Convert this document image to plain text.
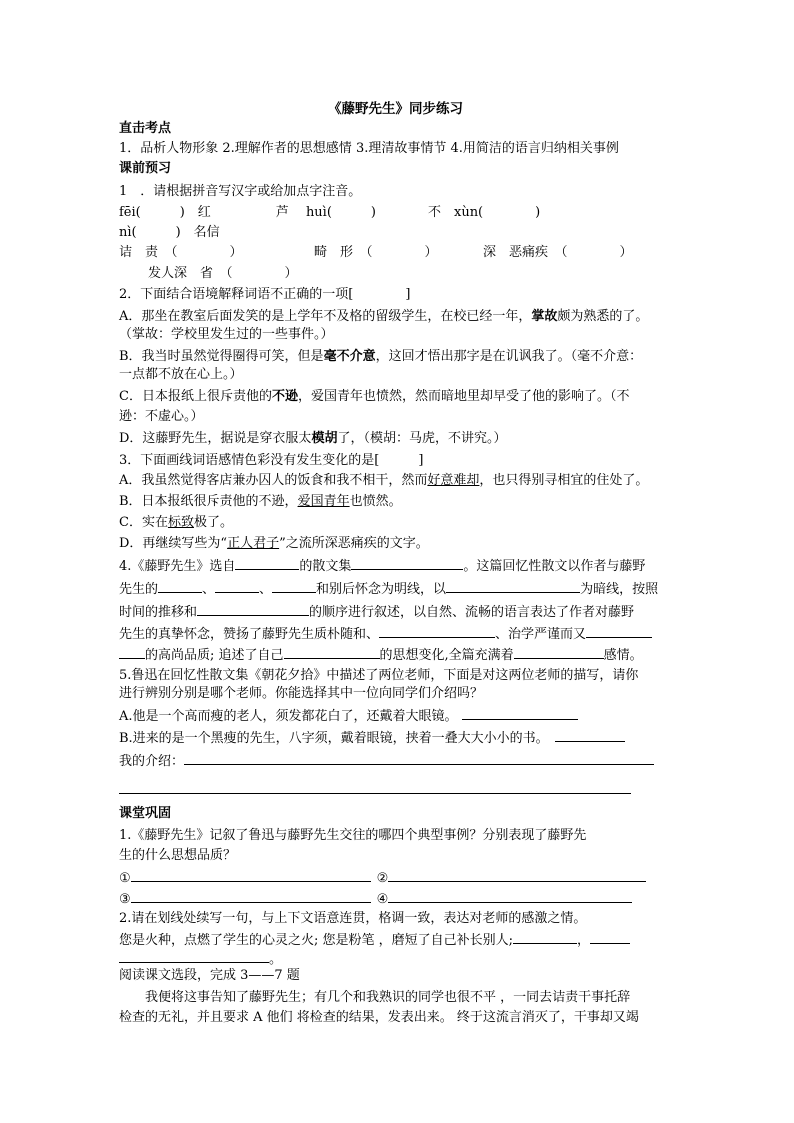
《藤野先生》同步练习
直击考点
1．品析人物形象 2.理解作者的思想感情 3.理清故事情节 4.用简洁的语言归纳相关事例
课前预习
1　．请根据拼音写汉字或给加点字注音。
fēi(　　　)　红　　　　　芦　 huì(　　　)　　　　不　xùn(　　　　)
nì(　　　)　名信
诘　责　（　　　　）　　　　　　畸　形　（　　　　）　　　　深　恶痛疾　（　　　　）
发人深　省　（　　　　）
2．下面结合语境解释词语不正确的一项[　　　　]
A．那坐在教室后面发笑的是上学年不及格的留级学生，在校已经一年，掌故颇为熟悉的了。
（掌故：学校里发生过的一些事件。）
B．我当时虽然觉得圈得可笑，但是毫不介意，这回才悟出那字是在讥讽我了。（毫不介意：
一点都不放在心上。）
C．日本报纸上很斥责他的不逊，爱国青年也愤然，然而暗地里却早受了他的影响了。（不
逊：不虚心。）
D．这藤野先生，据说是穿衣服太模胡了，（模胡：马虎，不讲究。）
3．下面画线词语感情色彩没有发生变化的是[　　　]
A．我虽然觉得客店兼办囚人的饭食和我不相干，然而好意难却，也只得别寻相宜的住处了。
B．日本报纸很斥责他的不逊，爱国青年也愤然。
C．实在标致极了。
D．再继续写些为“正人君子”之流所深恶痛疾的文字。
4.《藤野先生》选自	的散文集	。这篇回忆性散文以作者与藤野
先生的	、	、	和别后怀念为明线，以	为暗线，按照
时间的推移和	的顺序进行叙述，以自然、流畅的语言表达了作者对藤野
先生的真挚怀念，赞扬了藤野先生质朴随和、	、治学严谨而又
的高尚品质; 追述了自己	的思想变化,全篇充满着	感情。
5.鲁迅在回忆性散文集《朝花夕拾》中描述了两位老师，下面是对这两位老师的描写，请你
进行辨别分别是哪个老师。你能选择其中一位向同学们介绍吗？
A.他是一个高而瘦的老人，须发都花白了，还戴着大眼镜。
B.进来的是一个黑瘦的先生，八字须，戴着眼镜，挟着一叠大大小小的书。
我的介绍：
课堂巩固
1.《藤野先生》记叙了鲁迅与藤野先生交往的哪四个典型事例？分别表现了藤野先
生的什么思想品质？
①	②
③	④
2.请在划线处续写一句，与上下文语意连贯，格调一致，表达对老师的感激之情。
您是火种，点燃了学生的心灵之火; 您是粉笔 ，磨短了自己补长别人;	，
。
阅读课文选段，完成 3——7 题
　　我便将这事告知了藤野先生；有几个和我熟识的同学也很不平 ，一同去诘责干事托辞
检查的无礼，并且要求 A 他们 将检查的结果，发表出来。 终于这流言消灭了，干事却又竭
